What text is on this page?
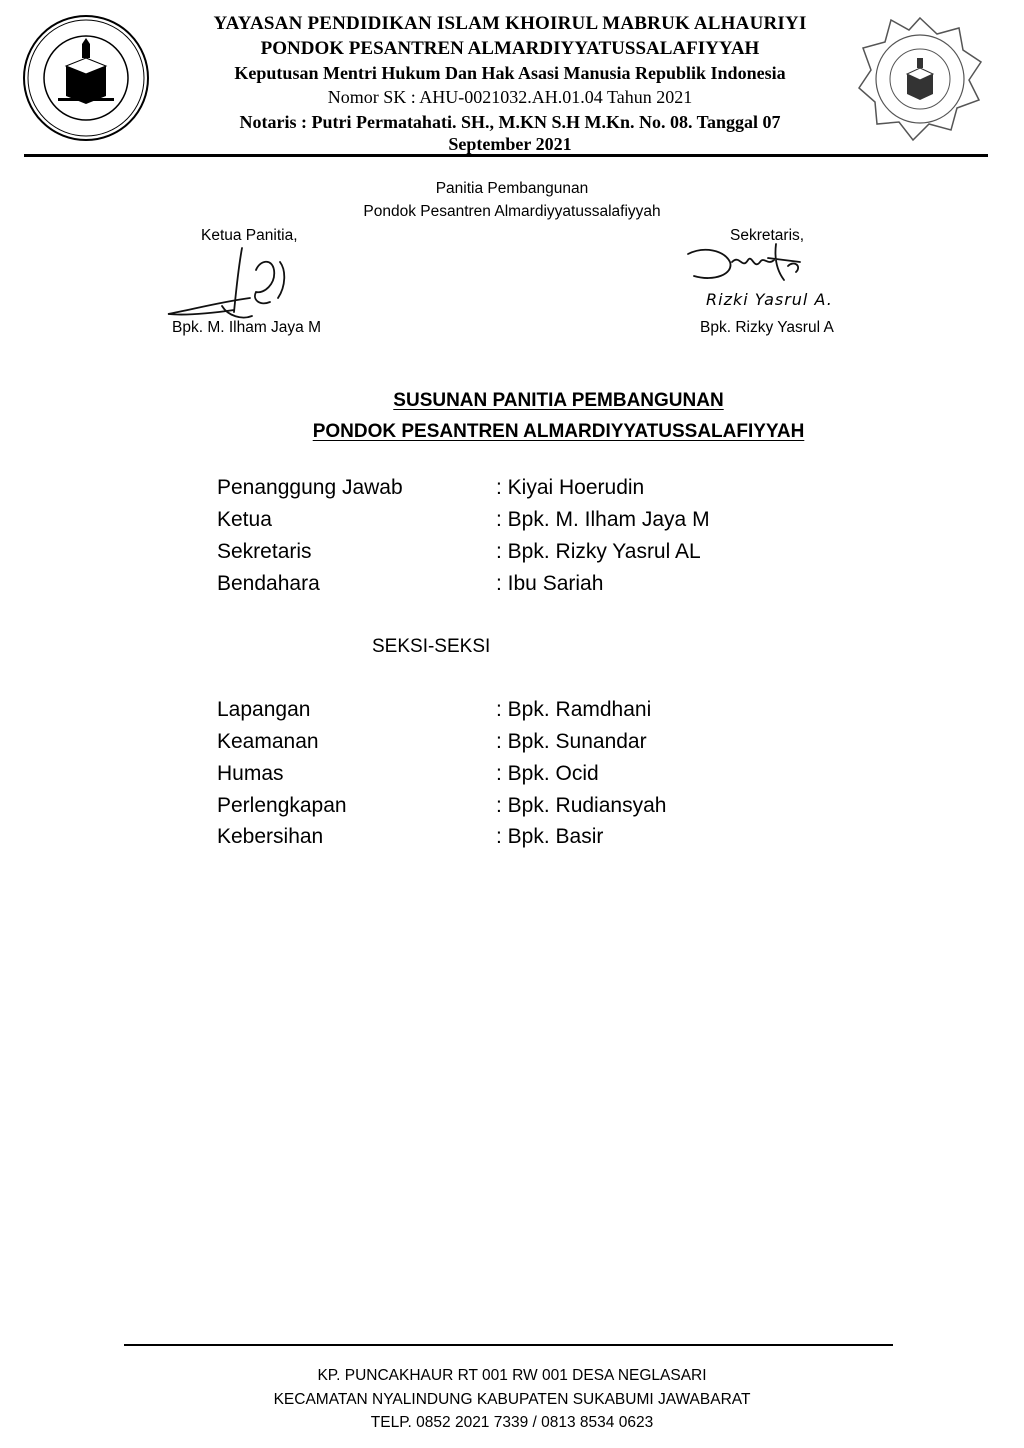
YAYASAN PENDIDIKAN ISLAM KHOIRUL MABRUK ALHAURIYI
PONDOK PESANTREN ALMARDIYYATUSSALAFIYYAH
Keputusan Mentri Hukum Dan Hak Asasi Manusia Republik Indonesia
Nomor SK : AHU-0021032.AH.01.04 Tahun 2021
Notaris : Putri Permatahati. SH., M.KN S.H M.Kn. No. 08. Tanggal 07
September 2021
Panitia Pembangunan
Pondok Pesantren Almardiyyatussalafiyyah
Ketua Panitia,	Sekretaris,
Rizki Yasrul A.
Bpk. M. Ilham Jaya M	Bpk. Rizky Yasrul A
SUSUNAN PANITIA PEMBANGUNAN
PONDOK PESANTREN ALMARDIYYATUSSALAFIYYAH
Penanggung Jawab	: Kiyai Hoerudin
Ketua	: Bpk. M. Ilham Jaya M
Sekretaris	: Bpk. Rizky Yasrul AL
Bendahara	: Ibu Sariah
SEKSI-SEKSI
Lapangan	: Bpk. Ramdhani
Keamanan	: Bpk. Sunandar
Humas	: Bpk. Ocid
Perlengkapan	: Bpk. Rudiansyah
Kebersihan	: Bpk. Basir
KP. PUNCAKHAUR RT 001 RW 001 DESA NEGLASARI
KECAMATAN NYALINDUNG KABUPATEN SUKABUMI JAWABARAT
TELP. 0852 2021 7339 / 0813 8534 0623
